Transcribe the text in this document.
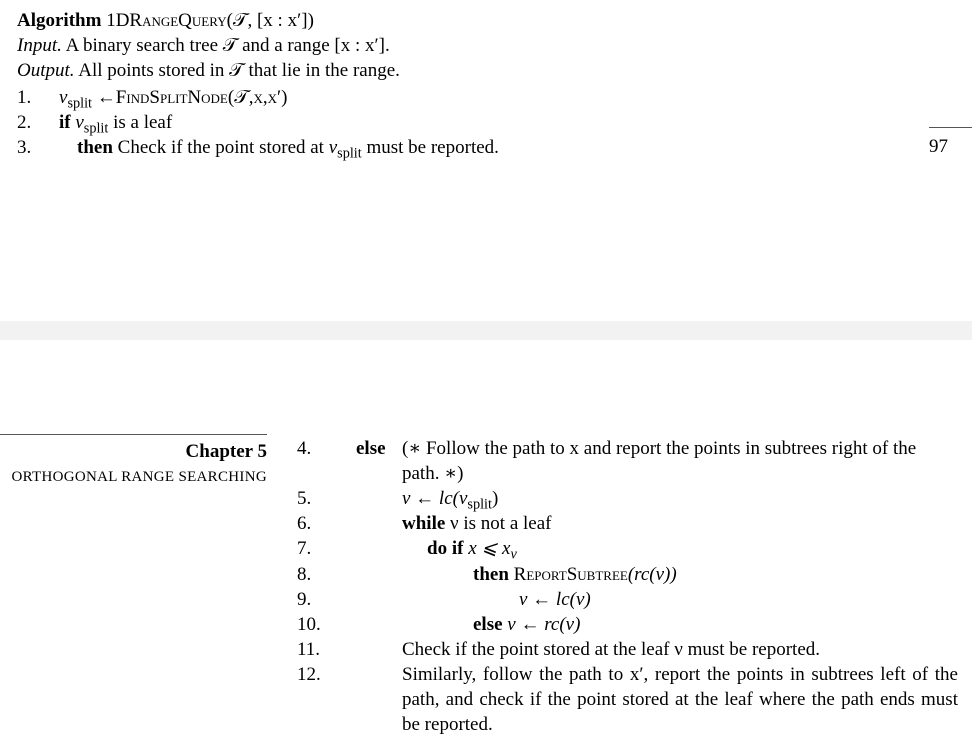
Algorithm 1DRangeQuery(𝒯, [x : x′])
Input. A binary search tree 𝒯 and a range [x : x′].
Output. All points stored in 𝒯 that lie in the range.
1. $\nu_{split}$ ←FindSplitNode(𝒯,x,x′)
2. if $\nu_{split}$ is a leaf
3. then Check if the point stored at $\nu_{split}$ must be reported.	97
Chapter 5
ORTHOGONAL RANGE SEARCHING
4. else (∗ Follow the path to x and report the points in subtrees right of the
path. ∗)
5.	ν ← $lc(\nu_{split})$
6.	while ν is not a leaf
7.	do if x ⩽ $x_\nu$
8.	then ReportSubtree(rc(ν))
9.	ν ← lc(ν)
10.	else ν ← rc(ν)
11.	Check if the point stored at the leaf ν must be reported.
12.	Similarly, follow the path to x′, report the points in subtrees left of the path, and check if the point stored at the leaf where the path ends must be reported.
